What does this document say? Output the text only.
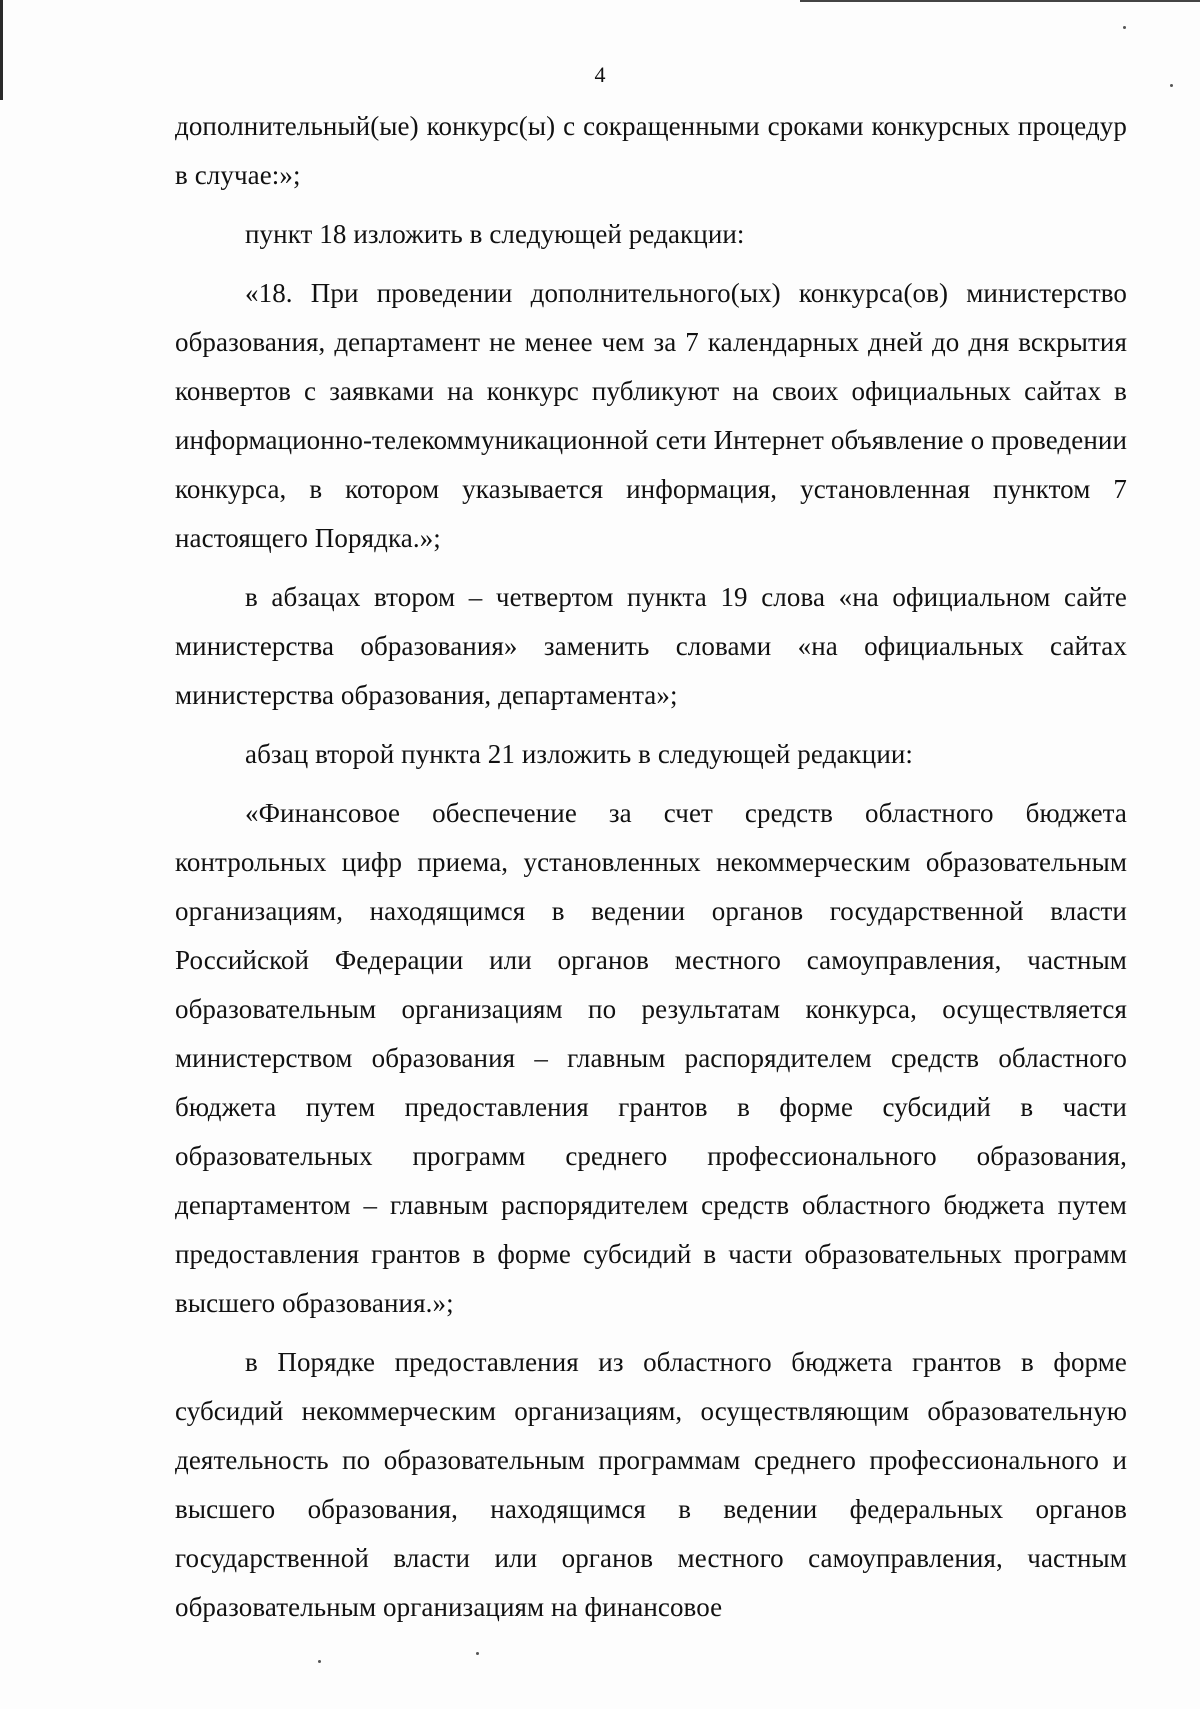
4

дополнительный(ые) конкурс(ы) с сокращенными сроками конкурсных процедур в случае:»;

пункт 18 изложить в следующей редакции:

«18. При проведении дополнительного(ых) конкурса(ов) министерство образования, департамент не менее чем за 7 календарных дней до дня вскрытия конвертов с заявками на конкурс публикуют на своих официальных сайтах в информационно-телекоммуникационной сети Интернет объявление о проведении конкурса, в котором указывается информация, установленная пунктом 7 настоящего Порядка.»;

в абзацах втором – четвертом пункта 19 слова «на официальном сайте министерства образования» заменить словами «на официальных сайтах министерства образования, департамента»;

абзац второй пункта 21 изложить в следующей редакции:

«Финансовое обеспечение за счет средств областного бюджета контрольных цифр приема, установленных некоммерческим образовательным организациям, находящимся в ведении органов государственной власти Российской Федерации или органов местного самоуправления, частным образовательным организациям по результатам конкурса, осуществляется министерством образования – главным распорядителем средств областного бюджета путем предоставления грантов в форме субсидий в части образовательных программ среднего профессионального образования, департаментом – главным распорядителем средств областного бюджета путем предоставления грантов в форме субсидий в части образовательных программ высшего образования.»;

в Порядке предоставления из областного бюджета грантов в форме субсидий некоммерческим организациям, осуществляющим образовательную деятельность по образовательным программам среднего профессионального и высшего образования, находящимся в ведении федеральных органов государственной власти или органов местного самоуправления, частным образовательным организациям на финансовое
